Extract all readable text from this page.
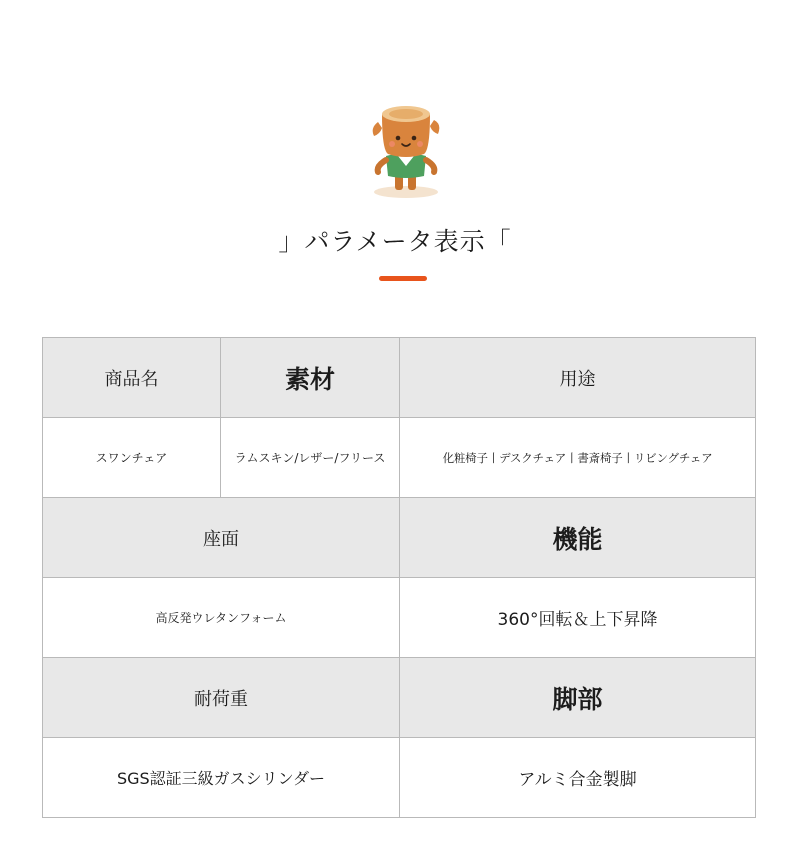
」パラメータ表示「
商品名	素材	用途
スワンチェア	ラムスキン/レザー/フリース	化粧椅子丨デスクチェア丨書斎椅子丨リビングチェア
座面		機能
高反発ウレタンフォーム		360°回転＆上下昇降
耐荷重		脚部
SGS認証三級ガスシリンダー		アルミ合金製脚
